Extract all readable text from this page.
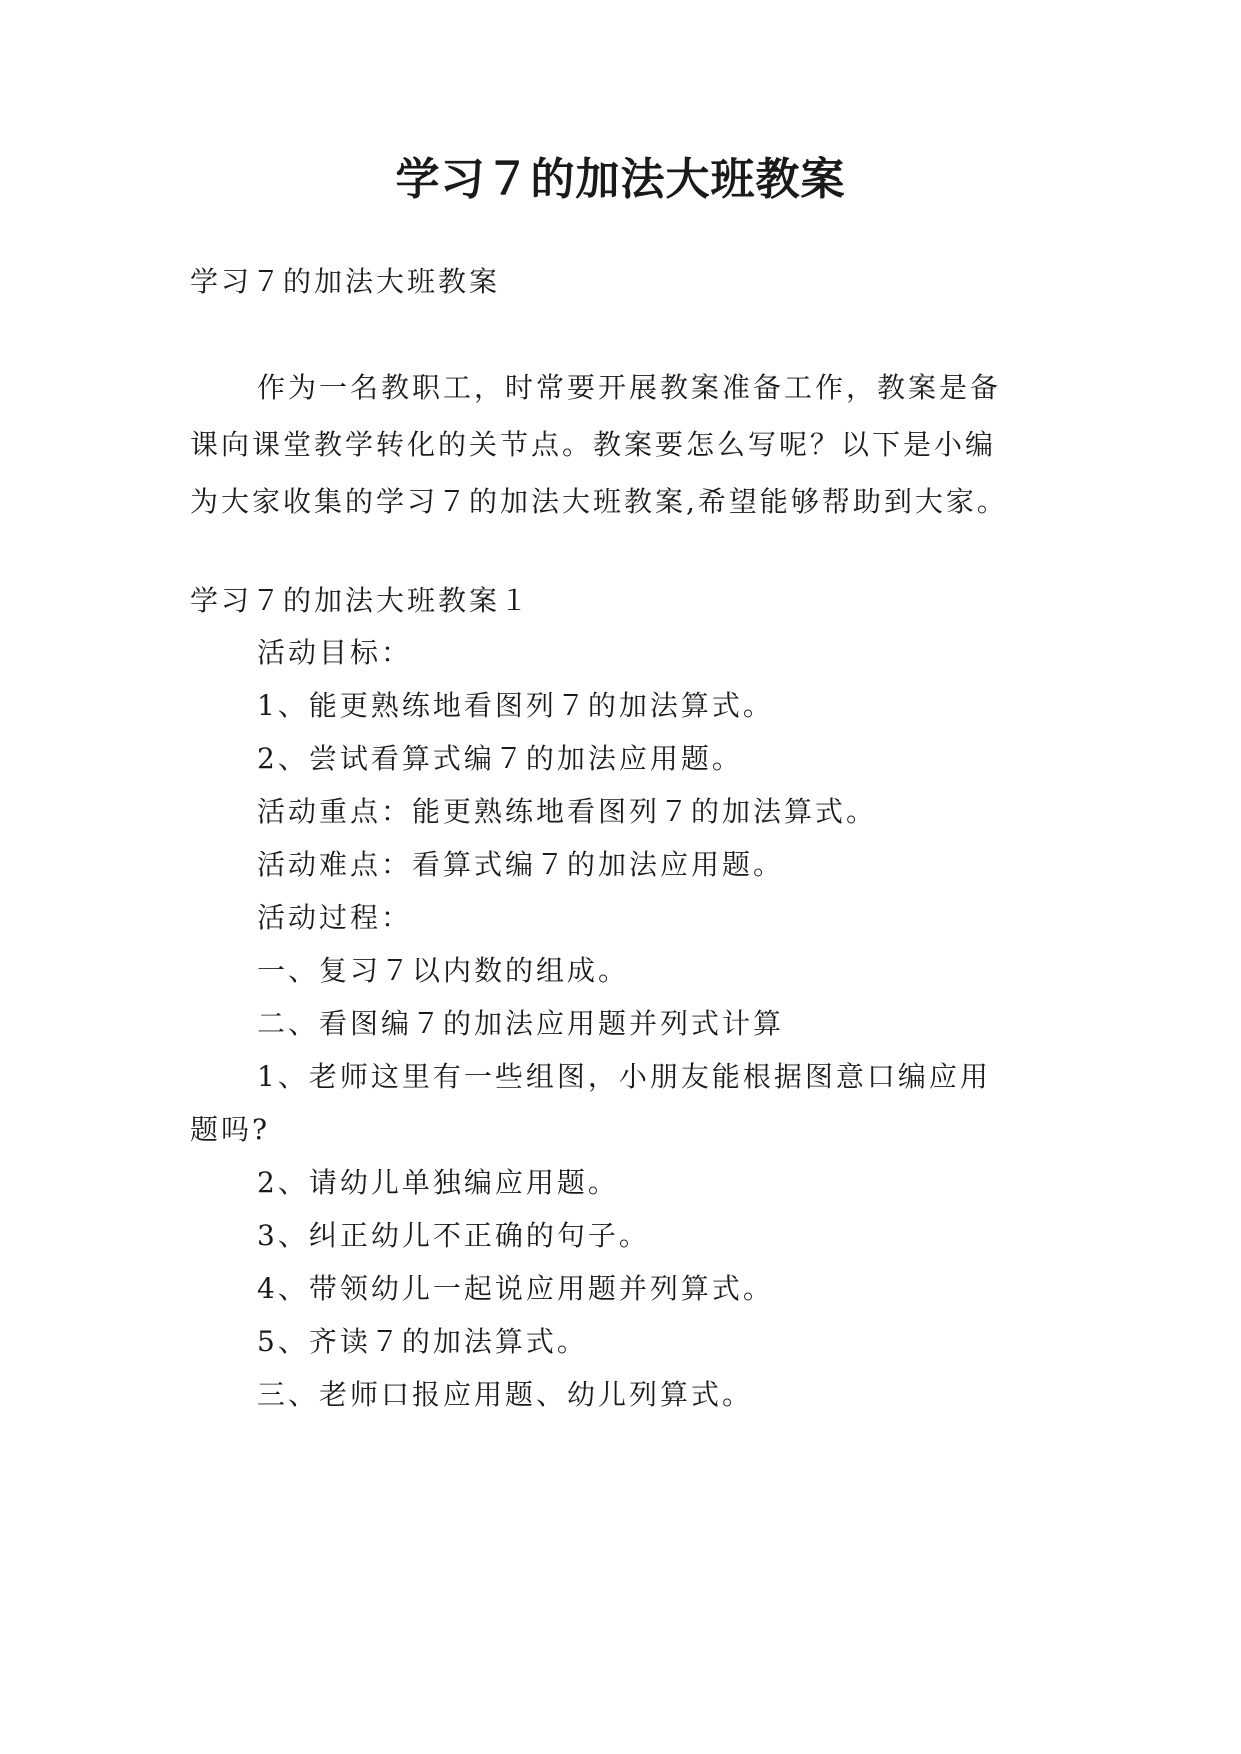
学习７的加法大班教案
学习７的加法大班教案
作为一名教职工，时常要开展教案准备工作，教案是备
课向课堂教学转化的关节点。教案要怎么写呢？以下是小编
为大家收集的学习７的加法大班教案,希望能够帮助到大家。
学习７的加法大班教案１
活动目标：
1、能更熟练地看图列７的加法算式。
2、尝试看算式编７的加法应用题。
活动重点：能更熟练地看图列７的加法算式。
活动难点：看算式编７的加法应用题。
活动过程：
一、复习７以内数的组成。
二、看图编７的加法应用题并列式计算
1、老师这里有一些组图，小朋友能根据图意口编应用
题吗?
2、请幼儿单独编应用题。
3、纠正幼儿不正确的句子。
4、带领幼儿一起说应用题并列算式。
5、齐读７的加法算式。
三、老师口报应用题、幼儿列算式。
